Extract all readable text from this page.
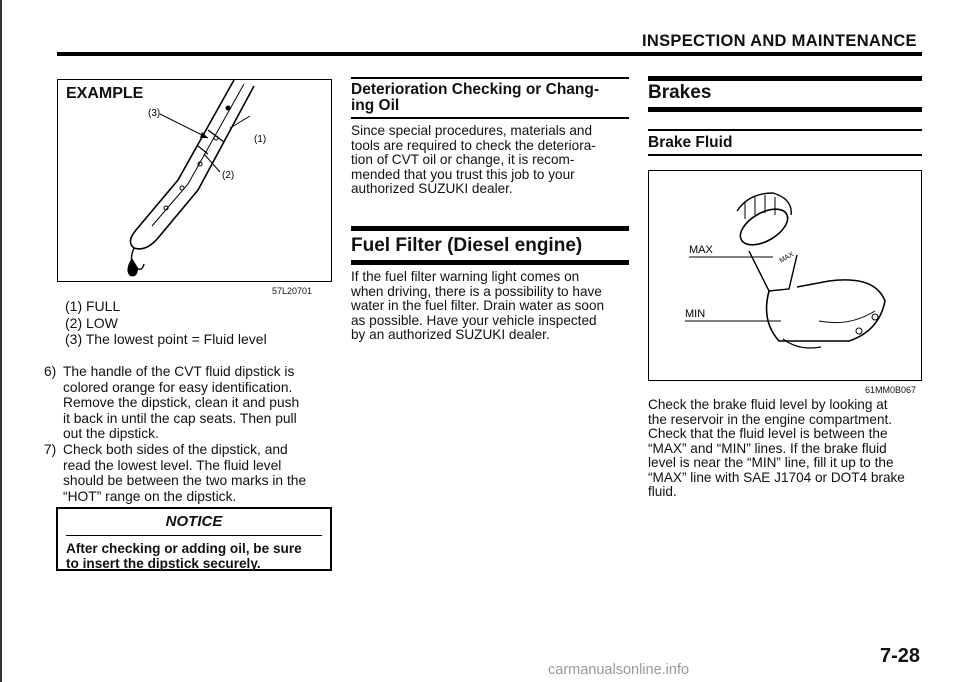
INSPECTION AND MAINTENANCE
EXAMPLE
(3)
(1)
(2)
57L20701
(1) FULL
(2) LOW
(3) The lowest point = Fluid level
6) The handle of the CVT fluid dipstick is
colored orange for easy identification.
Remove the dipstick, clean it and push
it back in until the cap seats. Then pull
out the dipstick.
7) Check both sides of the dipstick, and
read the lowest level. The fluid level
should be between the two marks in the
“HOT” range on the dipstick.
NOTICE
After checking or adding oil, be sure
to insert the dipstick securely.
Deterioration Checking or Chang-
ing Oil
Since special procedures, materials and
tools are required to check the deteriora-
tion of CVT oil or change, it is recom-
mended that you trust this job to your
authorized SUZUKI dealer.
Fuel Filter (Diesel engine)
If the fuel filter warning light comes on
when driving, there is a possibility to have
water in the fuel filter. Drain water as soon
as possible. Have your vehicle inspected
by an authorized SUZUKI dealer.
Brakes
Brake Fluid
MAX
MAX
MIN
61MM0B067
Check the brake fluid level by looking at
the reservoir in the engine compartment.
Check that the fluid level is between the
“MAX” and “MIN” lines. If the brake fluid
level is near the “MIN” line, fill it up to the
“MAX” line with SAE J1704 or DOT4 brake
fluid.
7-28
carmanualsonline.info
